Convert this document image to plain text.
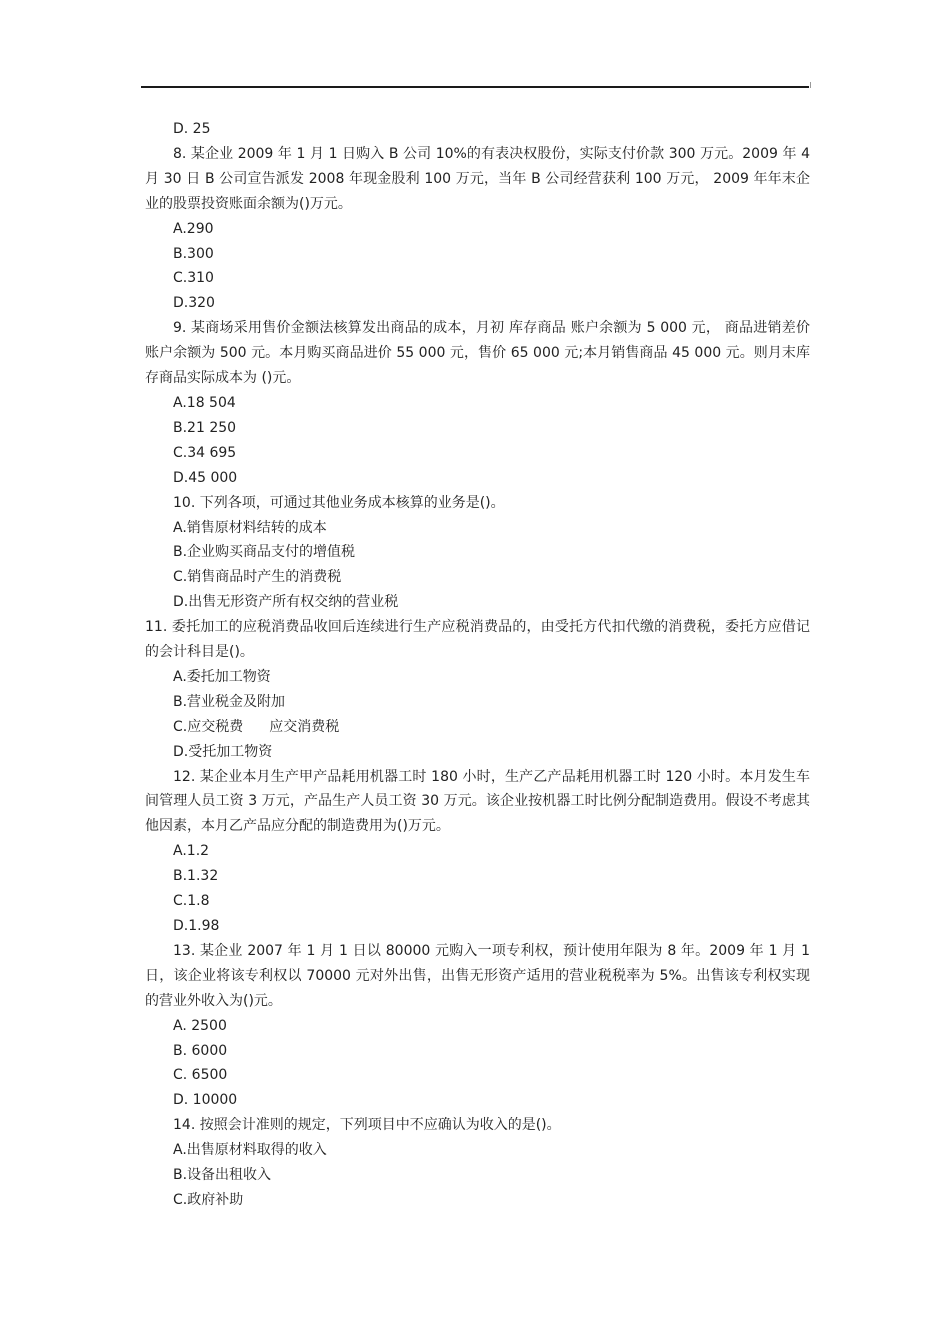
D. 25
8. 某企业 2009 年 1 月 1 日购入 B 公司 10%的有表决权股份，实际支付价款 300 万元。2009 年 4 月 30 日 B 公司宣告派发 2008 年现金股利 100 万元，当年 B 公司经营获利 100 万元， 2009 年年末企业的股票投资账面余额为()万元。
A.290
B.300
C.310
D.320
9. 某商场采用售价金额法核算发出商品的成本，月初 库存商品 账户余额为 5 000 元， 商品进销差价 账户余额为 500 元。本月购买商品进价 55 000 元，售价 65 000 元;本月销售商品 45 000 元。则月末库存商品实际成本为 ()元。
A.18 504
B.21 250
C.34 695
D.45 000
10. 下列各项，可通过其他业务成本核算的业务是()。
A.销售原材料结转的成本
B.企业购买商品支付的增值税
C.销售商品时产生的消费税
D.出售无形资产所有权交纳的营业税
11. 委托加工的应税消费品收回后连续进行生产应税消费品的，由受托方代扣代缴的消费税，委托方应借记的会计科目是()。
A.委托加工物资
B.营业税金及附加
C.应交税费 应交消费税
D.受托加工物资
12. 某企业本月生产甲产品耗用机器工时 180 小时，生产乙产品耗用机器工时 120 小时。本月发生车间管理人员工资 3 万元，产品生产人员工资 30 万元。该企业按机器工时比例分配制造费用。假设不考虑其他因素，本月乙产品应分配的制造费用为()万元。
A.1.2
B.1.32
C.1.8
D.1.98
13. 某企业 2007 年 1 月 1 日以 80000 元购入一项专利权，预计使用年限为 8 年。2009 年 1 月 1 日，该企业将该专利权以 70000 元对外出售，出售无形资产适用的营业税税率为 5%。出售该专利权实现的营业外收入为()元。
A. 2500
B. 6000
C. 6500
D. 10000
14. 按照会计准则的规定，下列项目中不应确认为收入的是()。
A.出售原材料取得的收入
B.设备出租收入
C.政府补助
